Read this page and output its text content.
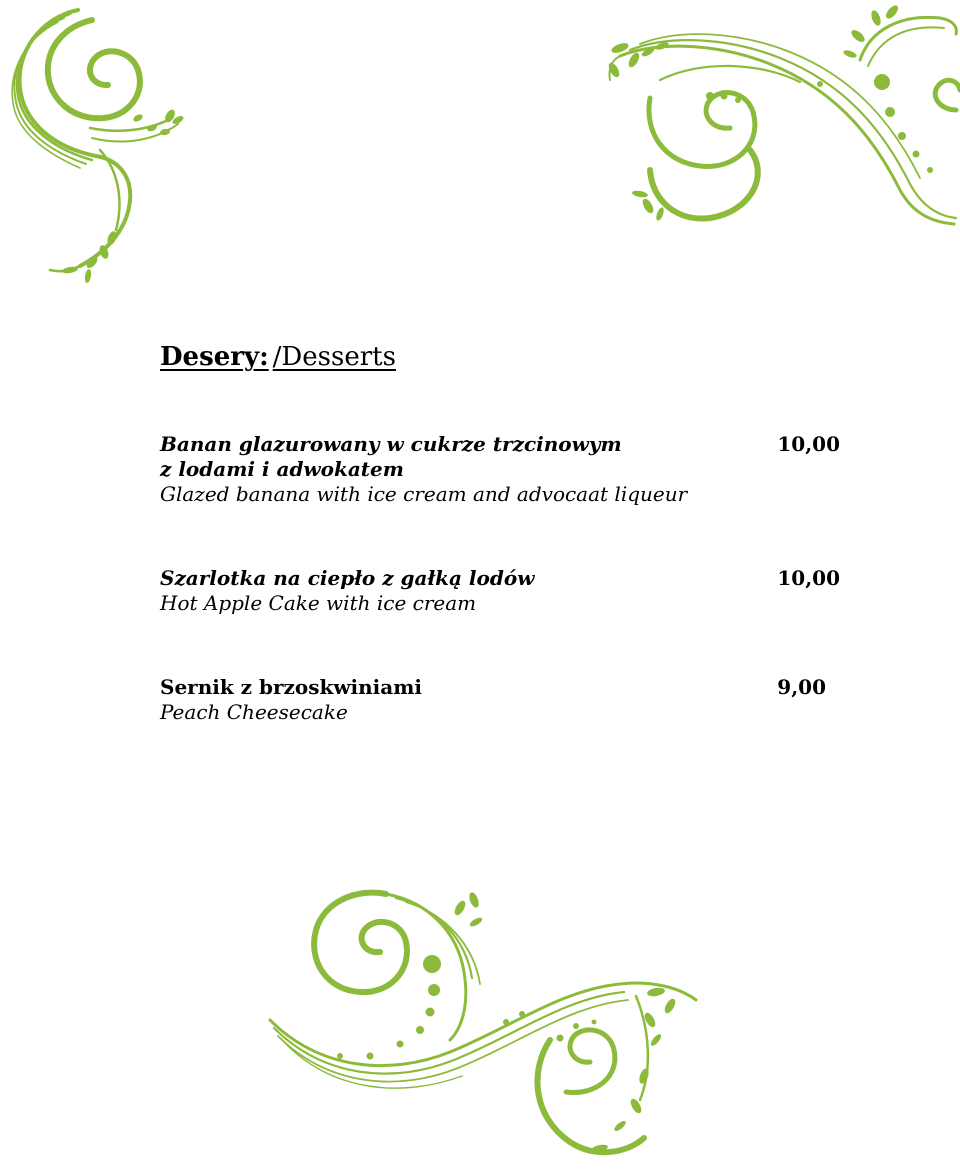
Desery: /Desserts
Banan glazurowany w cukrze trzcinowym
z lodami i adwokatem
Glazed banana with ice cream and advocaat liqueur
10,00
Szarlotka na ciepło z gałką lodów
Hot Apple Cake with ice cream
10,00
Sernik z brzoskwiniami
Peach Cheesecake
9,00
